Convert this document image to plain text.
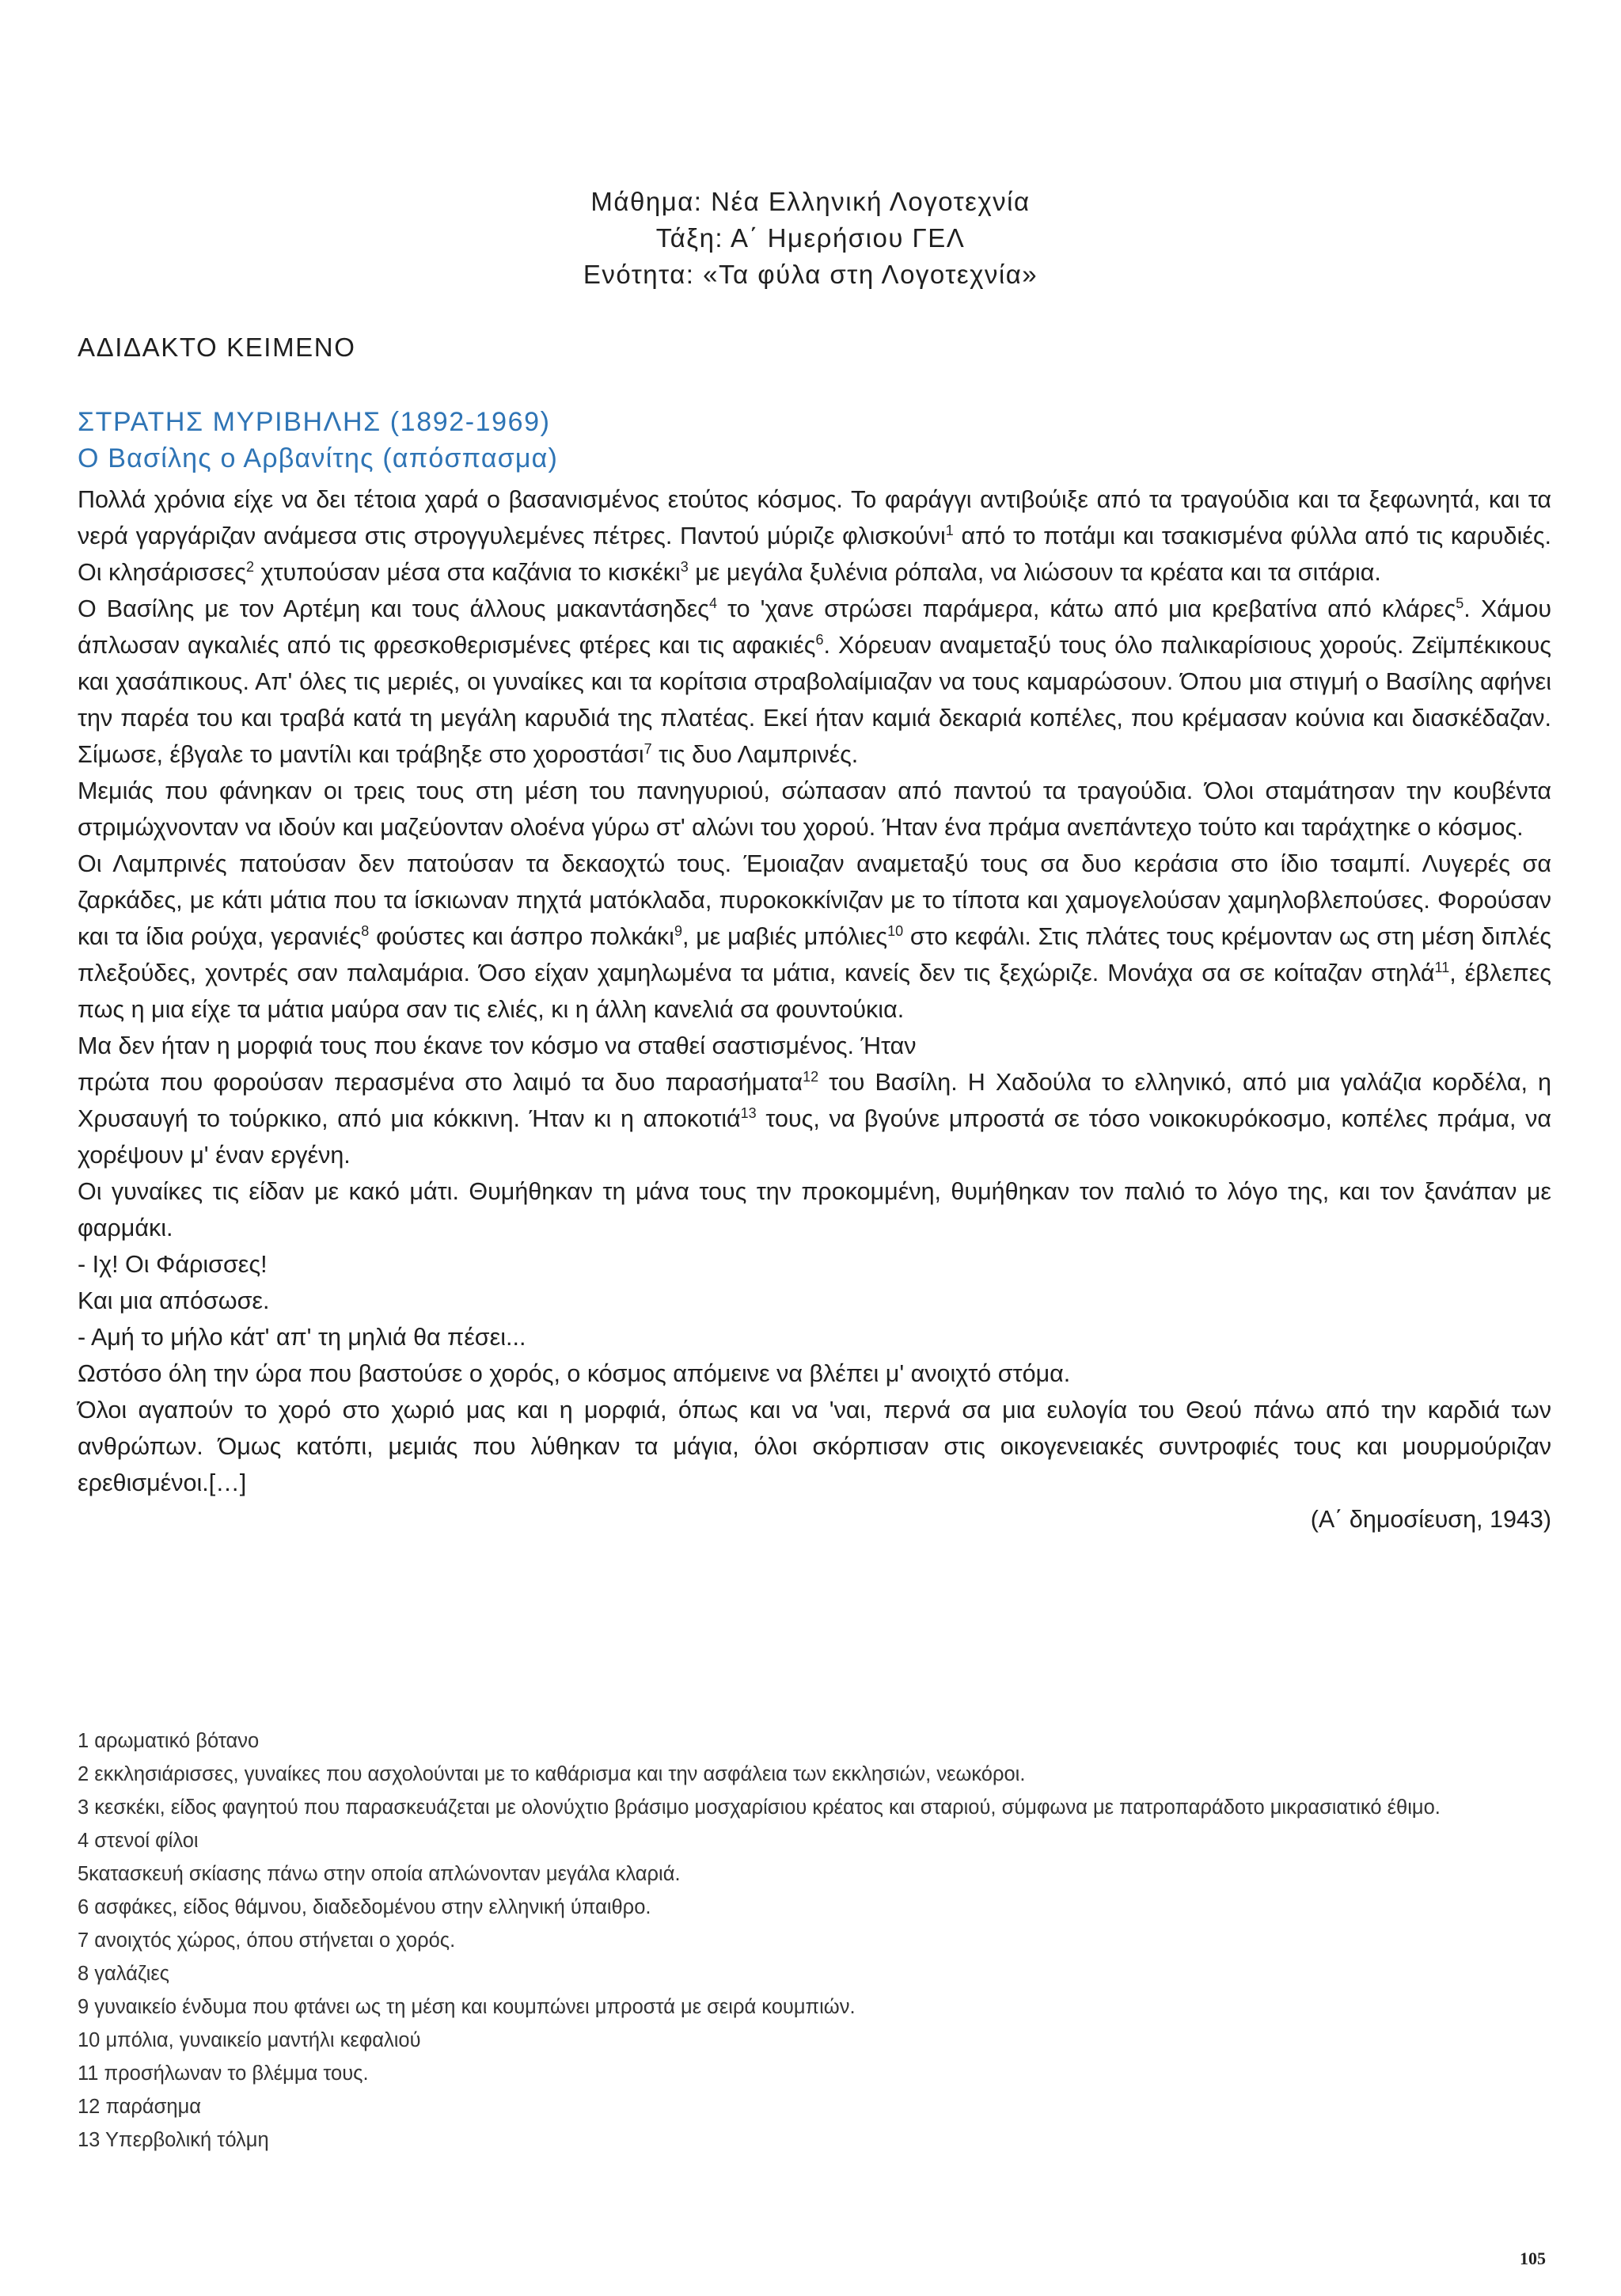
Μάθημα: Νέα Ελληνική Λογοτεχνία
Τάξη: Α΄ Ημερήσιου ΓΕΛ
Ενότητα: «Τα φύλα στη Λογοτεχνία»
ΑΔΙΔΑΚΤΟ ΚΕΙΜΕΝΟ
ΣΤΡΑΤΗΣ ΜΥΡΙΒΗΛΗΣ (1892-1969)
Ο Βασίλης ο Αρβανίτης (απόσπασμα)

Πολλά χρόνια είχε να δει τέτοια χαρά ο βασανισμένος ετούτος κόσμος. Το φαράγγι αντιβούιξε από τα τραγούδια και τα ξεφωνητά, και τα νερά γαργάριζαν ανάμεσα στις στρογγυλεμένες πέτρες. Παντού μύριζε φλισκούνι$^1$ από το ποτάμι και τσακισμένα φύλλα από τις καρυδιές. Οι κλησάρισσες$^2$ χτυπούσαν μέσα στα καζάνια το κισκέκι$^3$ με μεγάλα ξυλένια ρόπαλα, να λιώσουν τα κρέατα και τα σιτάρια.

Ο Βασίλης με τον Αρτέμη και τους άλλους μακαντάσηδες$^4$ το 'χανε στρώσει παράμερα, κάτω από μια κρεβατίνα από κλάρες$^5$. Χάμου άπλωσαν αγκαλιές από τις φρεσκοθερισμένες φτέρες και τις αφακιές$^6$. Χόρευαν αναμεταξύ τους όλο παλικαρίσιους χορούς. Ζεϊμπέκικους και χασάπικους. Απ' όλες τις μεριές, οι γυναίκες και τα κορίτσια στραβολαίμιαζαν να τους καμαρώσουν. Όπου μια στιγμή ο Βασίλης αφήνει την παρέα του και τραβά κατά τη μεγάλη καρυδιά της πλατέας. Εκεί ήταν καμιά δεκαριά κοπέλες, που κρέμασαν κούνια και διασκέδαζαν. Σίμωσε, έβγαλε το μαντίλι και τράβηξε στο χοροστάσι$^7$ τις δυο Λαμπρινές.

Μεμιάς που φάνηκαν οι τρεις τους στη μέση του πανηγυριού, σώπασαν από παντού τα τραγούδια. Όλοι σταμάτησαν την κουβέντα στριμώχνονταν να ιδούν και μαζεύονταν ολοένα γύρω στ' αλώνι του χορού. Ήταν ένα πράμα ανεπάντεχο τούτο και ταράχτηκε ο κόσμος.

Οι Λαμπρινές πατούσαν δεν πατούσαν τα δεκαοχτώ τους. Έμοιαζαν αναμεταξύ τους σα δυο κεράσια στο ίδιο τσαμπί. Λυγερές σα ζαρκάδες, με κάτι μάτια που τα ίσκιωναν πηχτά ματόκλαδα, πυροκοκκίνιζαν με το τίποτα και χαμογελούσαν χαμηλοβλεπούσες. Φορούσαν και τα ίδια ρούχα, γερανιές$^8$ φούστες και άσπρο πολκάκι$^9$, με μαβιές μπόλιες$^{10}$ στο κεφάλι. Στις πλάτες τους κρέμονταν ως στη μέση διπλές πλεξούδες, χοντρές σαν παλαμάρια. Όσο είχαν χαμηλωμένα τα μάτια, κανείς δεν τις ξεχώριζε. Μονάχα σα σε κοίταζαν στηλά$^{11}$, έβλεπες πως η μια είχε τα μάτια μαύρα σαν τις ελιές, κι η άλλη κανελιά σα φουντούκια.

Μα δεν ήταν η μορφιά τους που έκανε τον κόσμο να σταθεί σαστισμένος. Ήταν

πρώτα που φορούσαν περασμένα στο λαιμό τα δυο παρασήματα$^{12}$ του Βασίλη. Η Χαδούλα το ελληνικό, από μια γαλάζια κορδέλα, η Χρυσαυγή το τούρκικο, από μια κόκκινη. Ήταν κι η αποκοτιά$^{13}$ τους, να βγούνε μπροστά σε τόσο νοικοκυρόκοσμο, κοπέλες πράμα, να χορέψουν μ' έναν εργένη.

Οι γυναίκες τις είδαν με κακό μάτι. Θυμήθηκαν τη μάνα τους την προκομμένη, θυμήθηκαν τον παλιό το λόγο της, και τον ξανάπαν με φαρμάκι.

- Ιχ! Οι Φάρισσες!

Και μια απόσωσε.

- Αμή το μήλο κάτ' απ' τη μηλιά θα πέσει...

Ωστόσο όλη την ώρα που βαστούσε ο χορός, ο κόσμος απόμεινε να βλέπει μ' ανοιχτό στόμα.

Όλοι αγαπούν το χορό στο χωριό μας και η μορφιά, όπως και να 'ναι, περνά σα μια ευλογία του Θεού πάνω από την καρδιά των ανθρώπων. Όμως κατόπι, μεμιάς που λύθηκαν τα μάγια, όλοι σκόρπισαν στις οικογενειακές συντροφιές τους και μουρμούριζαν ερεθισμένοι.[…]

(Α΄ δημοσίευση, 1943)

1 αρωματικό βότανο

2 εκκλησιάρισσες, γυναίκες που ασχολούνται με το καθάρισμα και την ασφάλεια των εκκλησιών, νεωκόροι.

3 κεσκέκι, είδος φαγητού που παρασκευάζεται με ολονύχτιο βράσιμο μοσχαρίσιου κρέατος και σταριού, σύμφωνα με πατροπαράδοτο μικρασιατικό έθιμο.

4 στενοί φίλοι

5κατασκευή σκίασης πάνω στην οποία απλώνονταν μεγάλα κλαριά.

6 ασφάκες, είδος θάμνου, διαδεδομένου στην ελληνική ύπαιθρο.

7 ανοιχτός χώρος, όπου στήνεται ο χορός.

8 γαλάζιες

9 γυναικείο ένδυμα που φτάνει ως τη μέση και κουμπώνει μπροστά με σειρά κουμπιών.

10 μπόλια, γυναικείο μαντήλι κεφαλιού

11 προσήλωναν το βλέμμα τους.

12 παράσημα

13 Υπερβολική τόλμη

105
